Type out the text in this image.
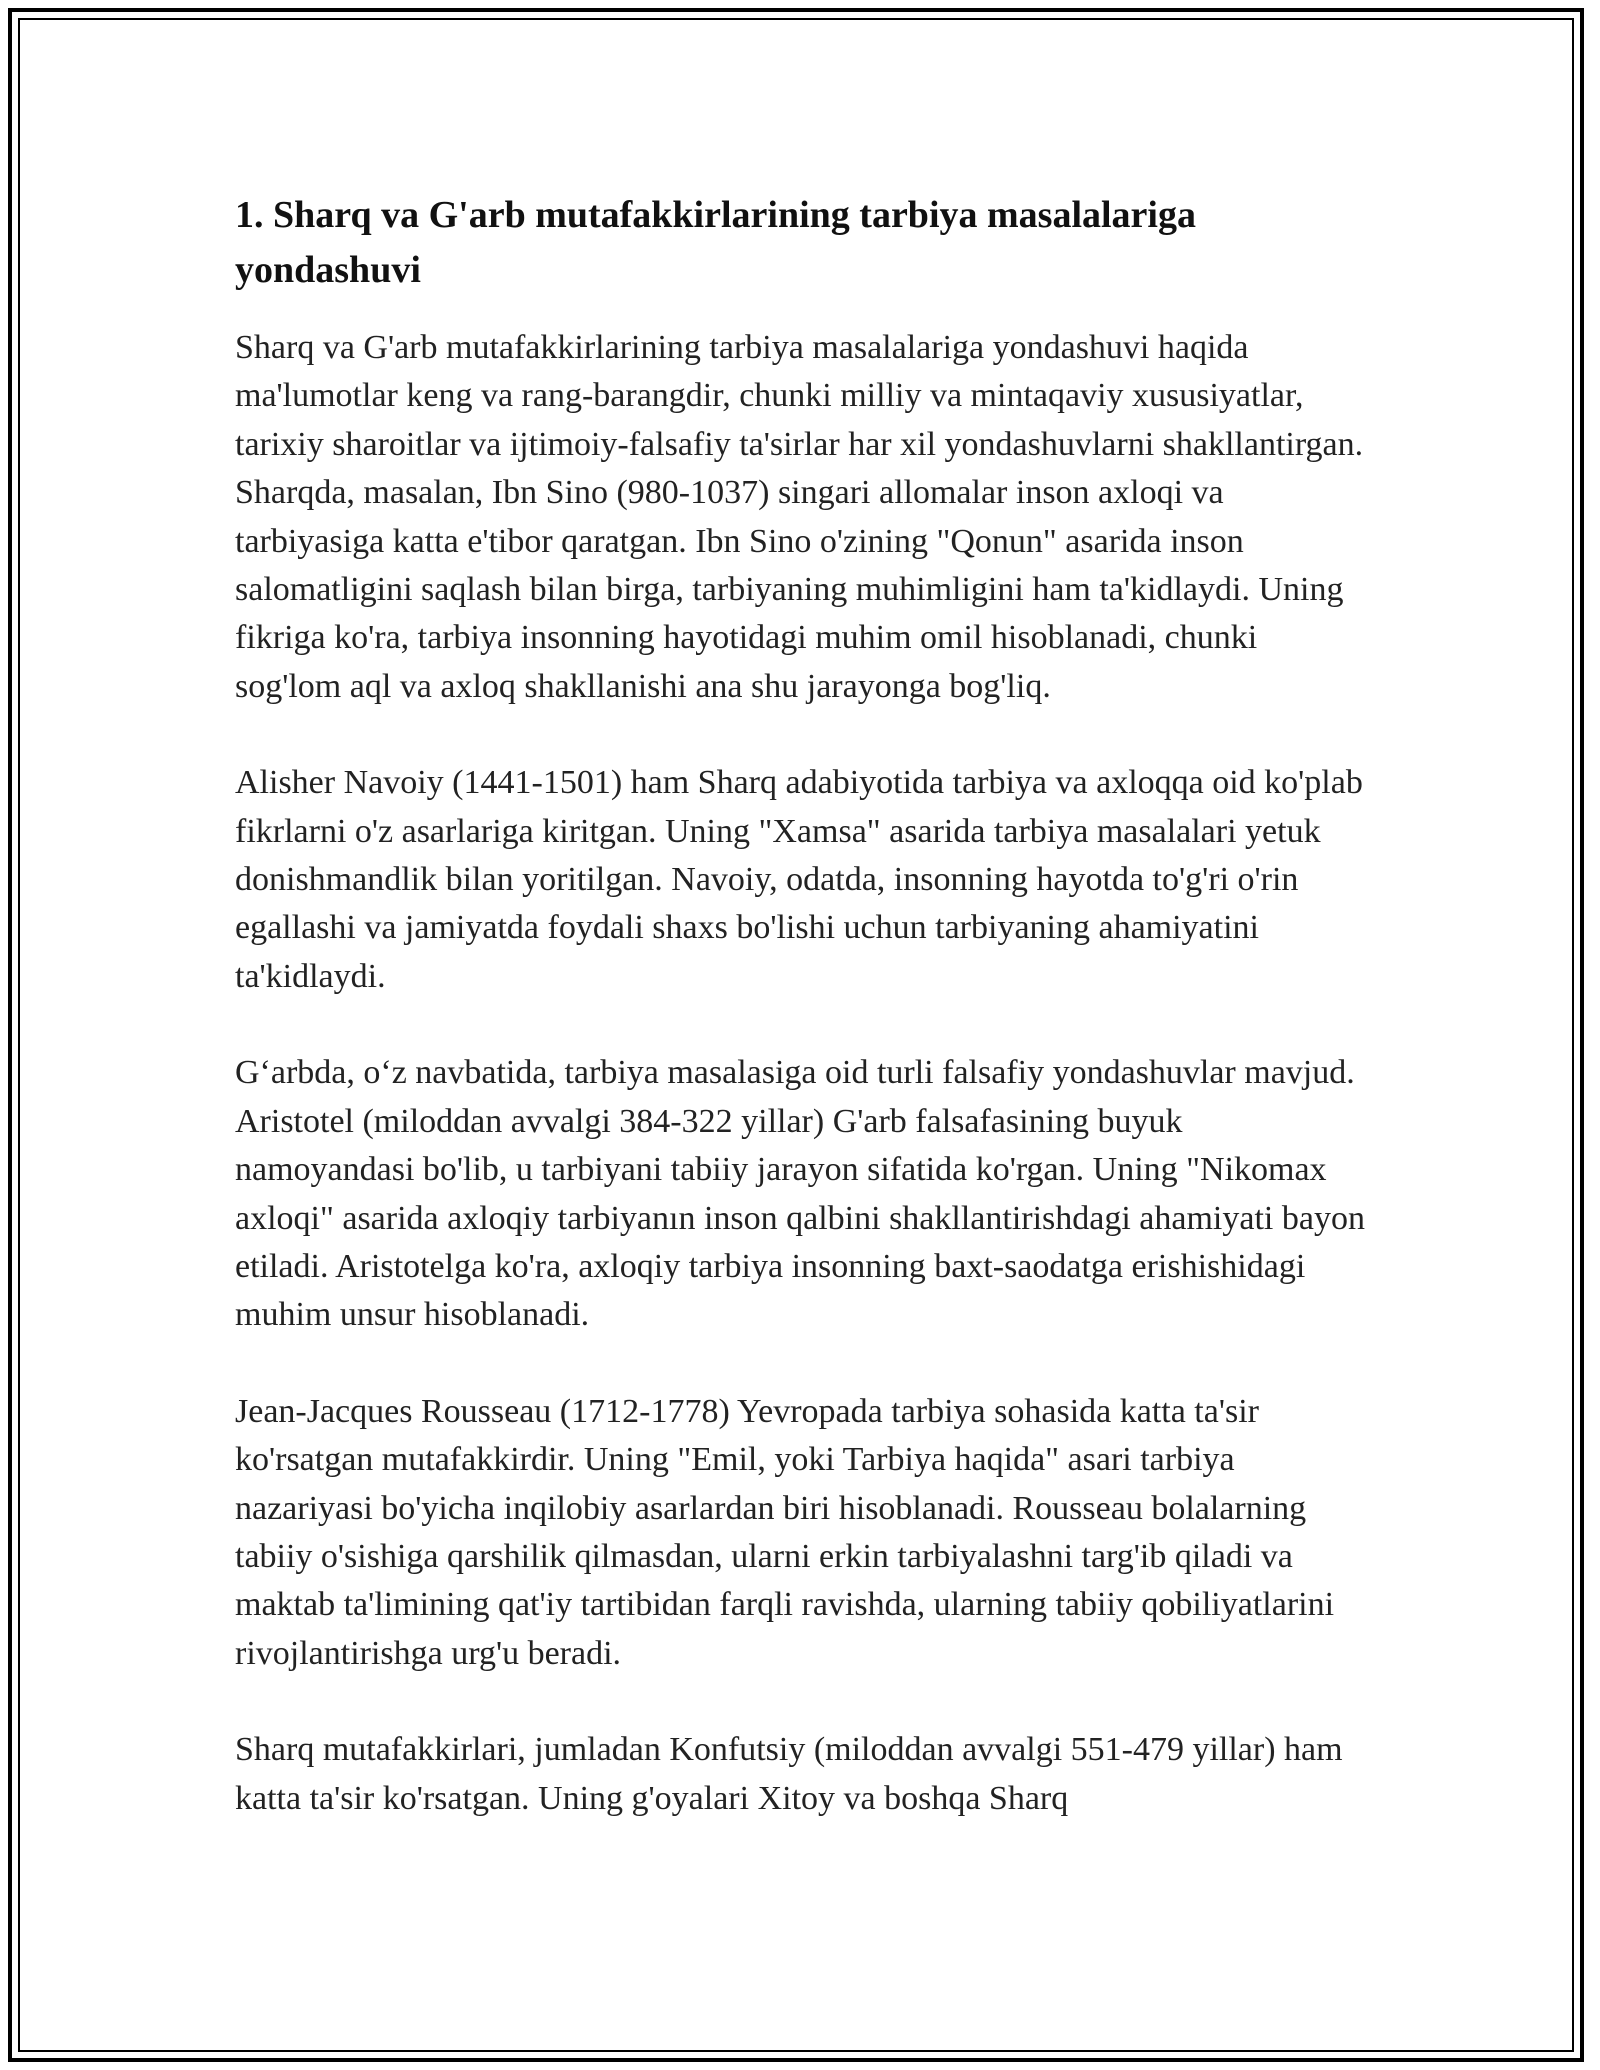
1. Sharq va G'arb mutafakkirlarining tarbiya masalalariga yondashuvi

Sharq va G'arb mutafakkirlarining tarbiya masalalariga yondashuvi haqida ma'lumotlar keng va rang-barangdir, chunki milliy va mintaqaviy xususiyatlar, tarixiy sharoitlar va ijtimoiy-falsafiy ta'sirlar har xil yondashuvlarni shakllantirgan. Sharqda, masalan, Ibn Sino (980-1037) singari allomalar inson axloqi va tarbiyasiga katta e'tibor qaratgan. Ibn Sino o'zining "Qonun" asarida inson salomatligini saqlash bilan birga, tarbiyaning muhimligini ham ta'kidlaydi. Uning fikriga ko'ra, tarbiya insonning hayotidagi muhim omil hisoblanadi, chunki sog'lom aql va axloq shakllanishi ana shu jarayonga bog'liq.

Alisher Navoiy (1441-1501) ham Sharq adabiyotida tarbiya va axloqqa oid ko'plab fikrlarni o'z asarlariga kiritgan. Uning "Xamsa" asarida tarbiya masalalari yetuk donishmandlik bilan yoritilgan. Navoiy, odatda, insonning hayotda to'g'ri o'rin egallashi va jamiyatda foydali shaxs bo'lishi uchun tarbiyaning ahamiyatini ta'kidlaydi.

G‘arbda, o‘z navbatida, tarbiya masalasiga oid turli falsafiy yondashuvlar mavjud. Aristotel (miloddan avvalgi 384-322 yillar) G'arb falsafasining buyuk namoyandasi bo'lib, u tarbiyani tabiiy jarayon sifatida ko'rgan. Uning "Nikomax axloqi" asarida axloqiy tarbiyanın inson qalbini shakllantirishdagi ahamiyati bayon etiladi. Aristotelga ko'ra, axloqiy tarbiya insonning baxt-saodatga erishishidagi muhim unsur hisoblanadi.

Jean-Jacques Rousseau (1712-1778) Yevropada tarbiya sohasida katta ta'sir ko'rsatgan mutafakkirdir. Uning "Emil, yoki Tarbiya haqida" asari tarbiya nazariyasi bo'yicha inqilobiy asarlardan biri hisoblanadi. Rousseau bolalarning tabiiy o'sishiga qarshilik qilmasdan, ularni erkin tarbiyalashni targ'ib qiladi va maktab ta'limining qat'iy tartibidan farqli ravishda, ularning tabiiy qobiliyatlarini rivojlantirishga urg'u beradi.

Sharq mutafakkirlari, jumladan Konfutsiy (miloddan avvalgi 551-479 yillar) ham katta ta'sir ko'rsatgan. Uning g'oyalari Xitoy va boshqa Sharq
